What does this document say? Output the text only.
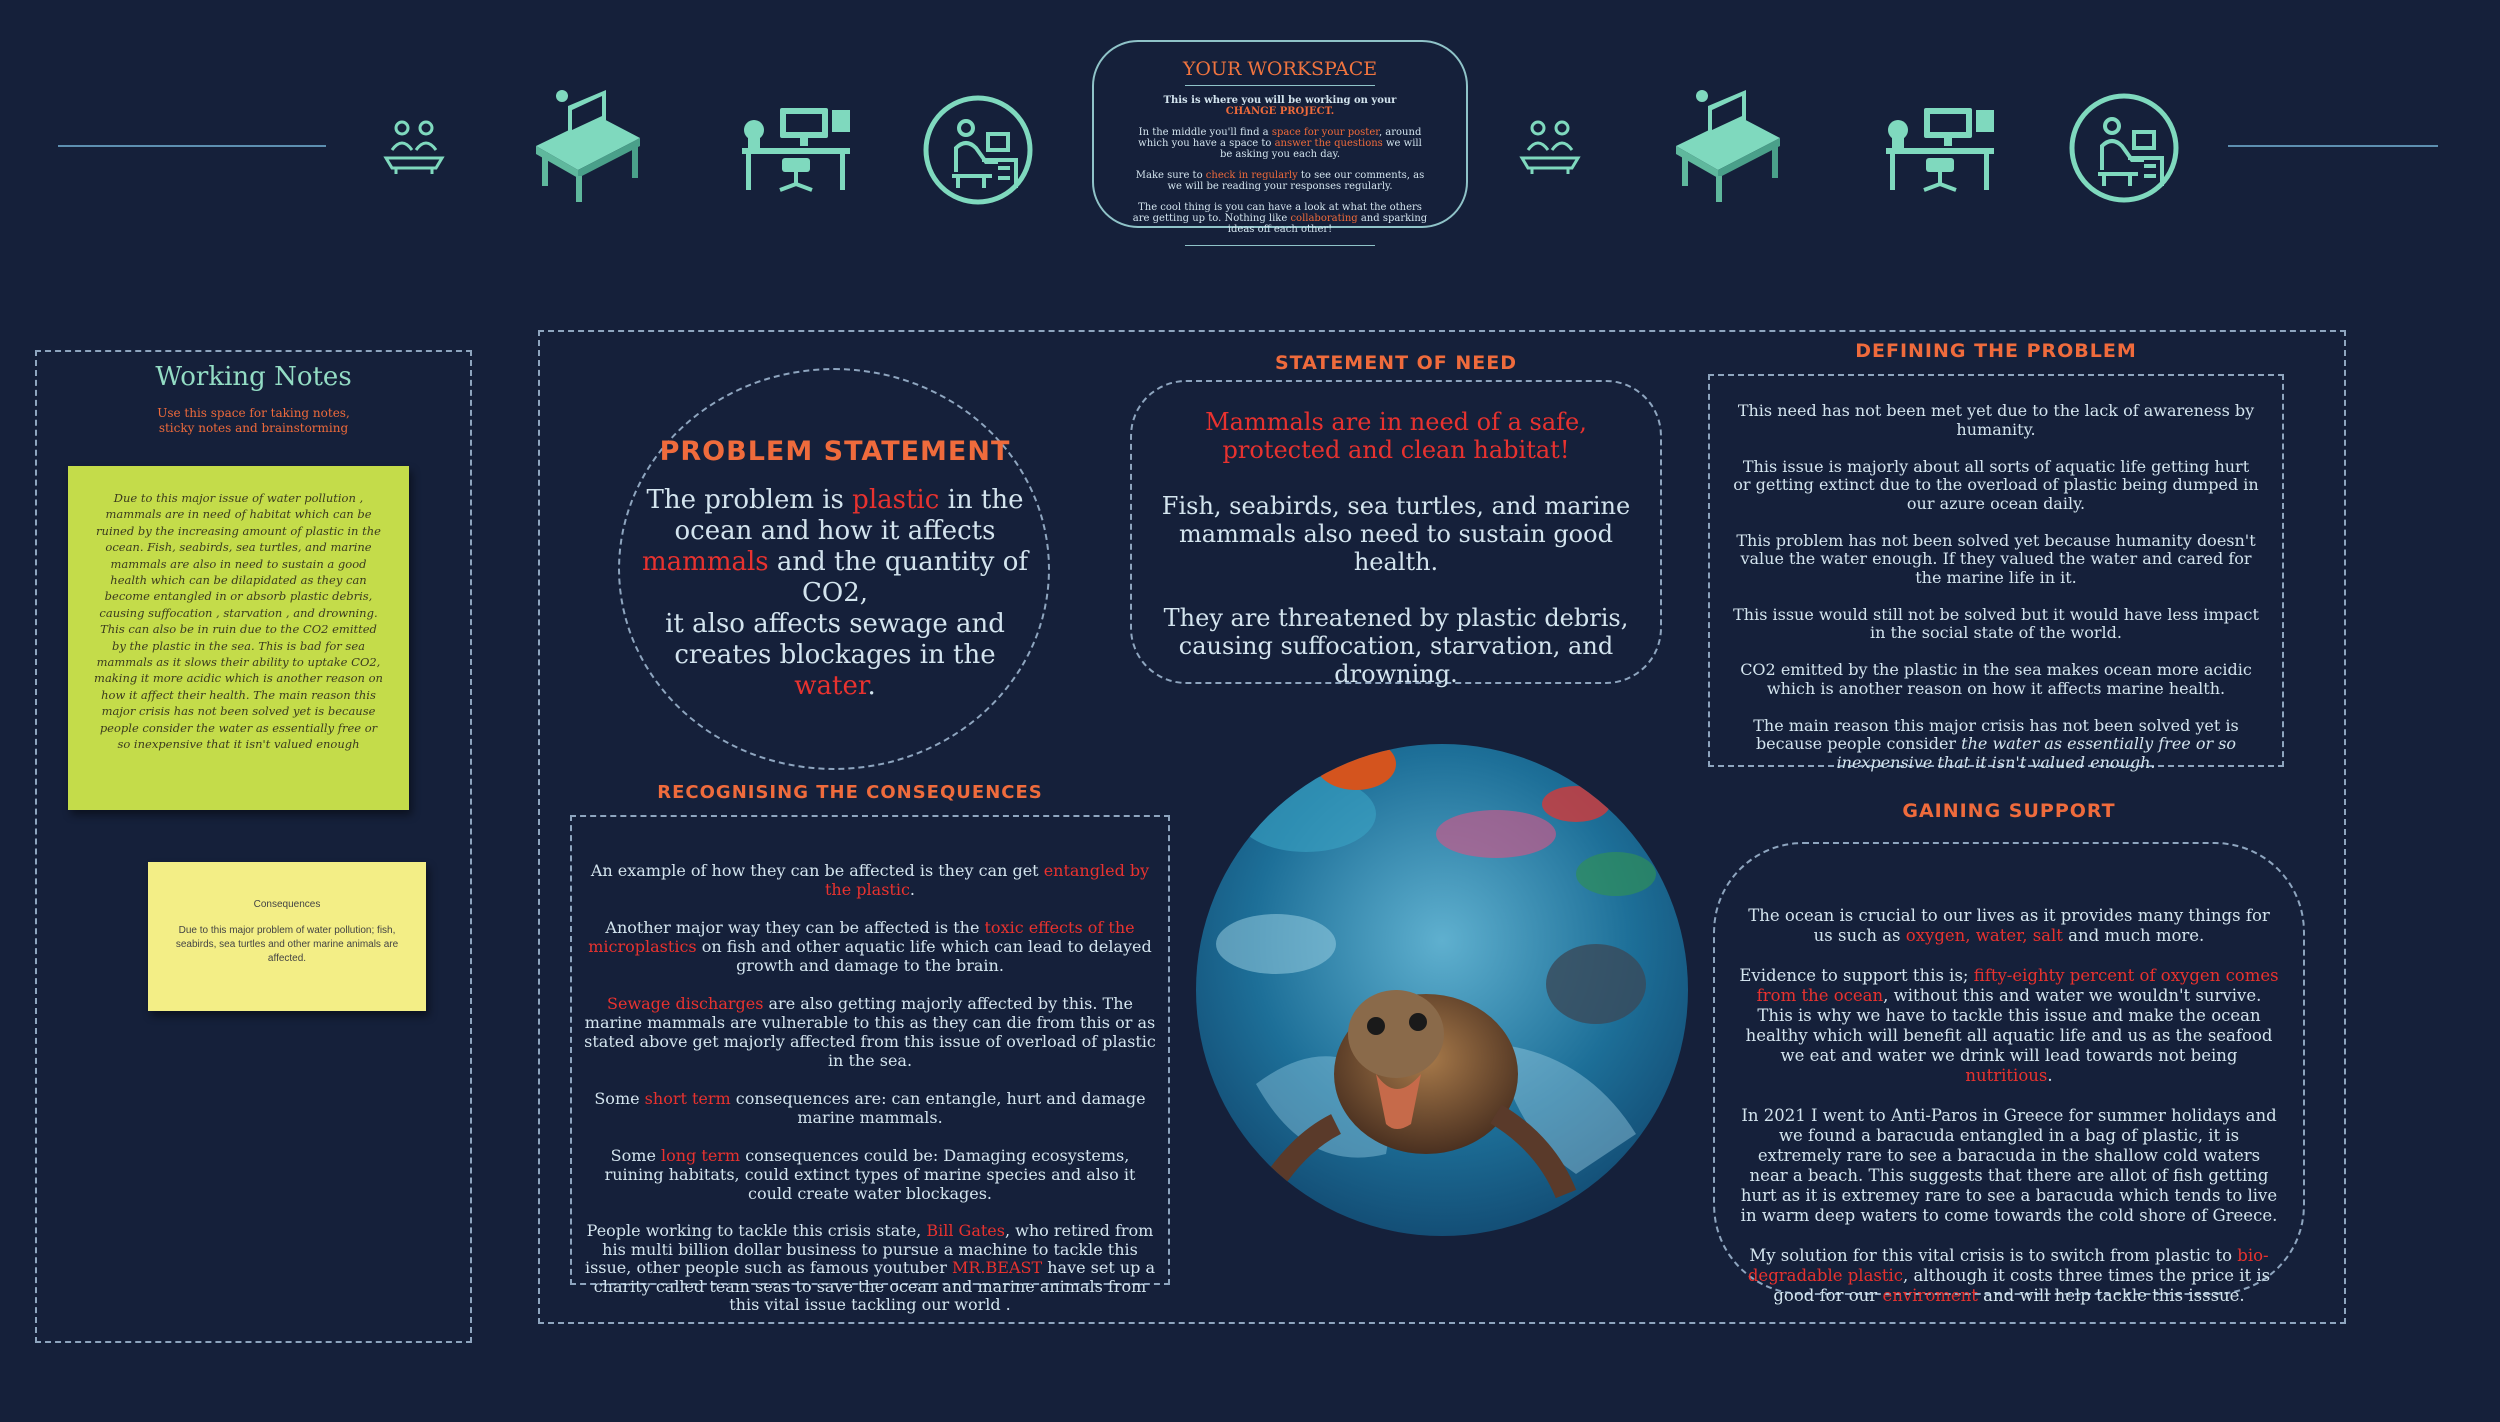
YOUR WORKSPACE
This is where you will be working on your
CHANGE PROJECT.
In the middle you'll find a space for your poster, around which you have a space to answer the questions we will be asking you each day.
Make sure to check in regularly to see our comments, as we will be reading your responses regularly.
The cool thing is you can have a look at what the others are getting up to. Nothing like collaborating and sparking ideas off each other!
Working Notes
Use this space for taking notes, sticky notes and brainstorming
Due to this major issue of water pollution , mammals are in need of habitat which can be ruined by the increasing amount of plastic in the ocean. Fish, seabirds, sea turtles, and marine mammals are also in need to sustain a good health which can be dilapidated as they can become entangled in or absorb plastic debris, causing suffocation , starvation , and drowning. This can also be in ruin due to the CO2 emitted by the plastic in the sea. This is bad for sea mammals as it slows their ability to uptake CO2, making it more acidic which is another reason on how it affect their health. The main reason this major crisis has not been solved yet is because people consider the water as essentially free or so inexpensive that it isn't valued enough
Consequences
Due to this major problem of water pollution; fish, seabirds, sea turtles and other marine animals are affected.
PROBLEM STATEMENT
The problem is plastic in the ocean and how it affects mammals and the quantity of CO2,
it also affects sewage and creates blockages in the water.
STATEMENT OF NEED

Mammals are in need of a safe, protected and clean habitat!

Fish, seabirds, sea turtles, and marine mammals also need to sustain good health.

They are threatened by plastic debris, causing suffocation, starvation, and drowning.

DEFINING THE PROBLEM

This need has not been met yet due to the lack of awareness by humanity.

This issue is majorly about all sorts of aquatic life getting hurt or getting extinct due to the overload of plastic being dumped in our azure ocean daily.

This problem has not been solved yet because humanity doesn't value the water enough. If they valued the water and cared for the marine life in it.

This issue would still not be solved but it would have less impact in the social state of the world.

CO2 emitted by the plastic in the sea makes ocean more acidic which is another reason on how it affects marine health.

The main reason this major crisis has not been solved yet is because people consider the water as essentially free or so inexpensive that it isn't valued enough.

RECOGNISING THE CONSEQUENCES

An example of how they can be affected is they can get entangled by the plastic.

Another major way they can be affected is the toxic effects of the microplastics on fish and other aquatic life which can lead to delayed growth and damage to the brain.

Sewage discharges are also getting majorly affected by this. The marine mammals are vulnerable to this as they can die from this or as stated above get majorly affected from this issue of overload of plastic in the sea.

Some short term consequences are: can entangle, hurt and damage marine mammals.

Some long term consequences could be: Damaging ecosystems, ruining habitats, could extinct types of marine species and also it could create water blockages.

People working to tackle this crisis state, Bill Gates, who retired from his multi billion dollar business to pursue a machine to tackle this issue, other people such as famous youtuber MR.BEAST have set up a charity called team seas to save the ocean and marine animals from this vital issue tackling our world .

GAINING SUPPORT

The ocean is crucial to our lives as it provides many things for us such as oxygen, water, salt and much more.

Evidence to support this is; fifty-eighty percent of oxygen comes from the ocean, without this and water we wouldn't survive. This is why we have to tackle this issue and make the ocean healthy which will benefit all aquatic life and us as the seafood we eat and water we drink will lead towards not being nutritious.

In 2021 I went to Anti-Paros in Greece for summer holidays and we found a baracuda entangled in a bag of plastic, it is extremely rare to see a baracuda in the shallow cold waters near a beach. This suggests that there are allot of fish getting hurt as it is extremey rare to see a baracuda which tends to live in warm deep waters to come towards the cold shore of Greece.

My solution for this vital crisis is to switch from plastic to bio-degradable plastic, although it costs three times the price it is good for our enviroment and will help tackle this isssue.
